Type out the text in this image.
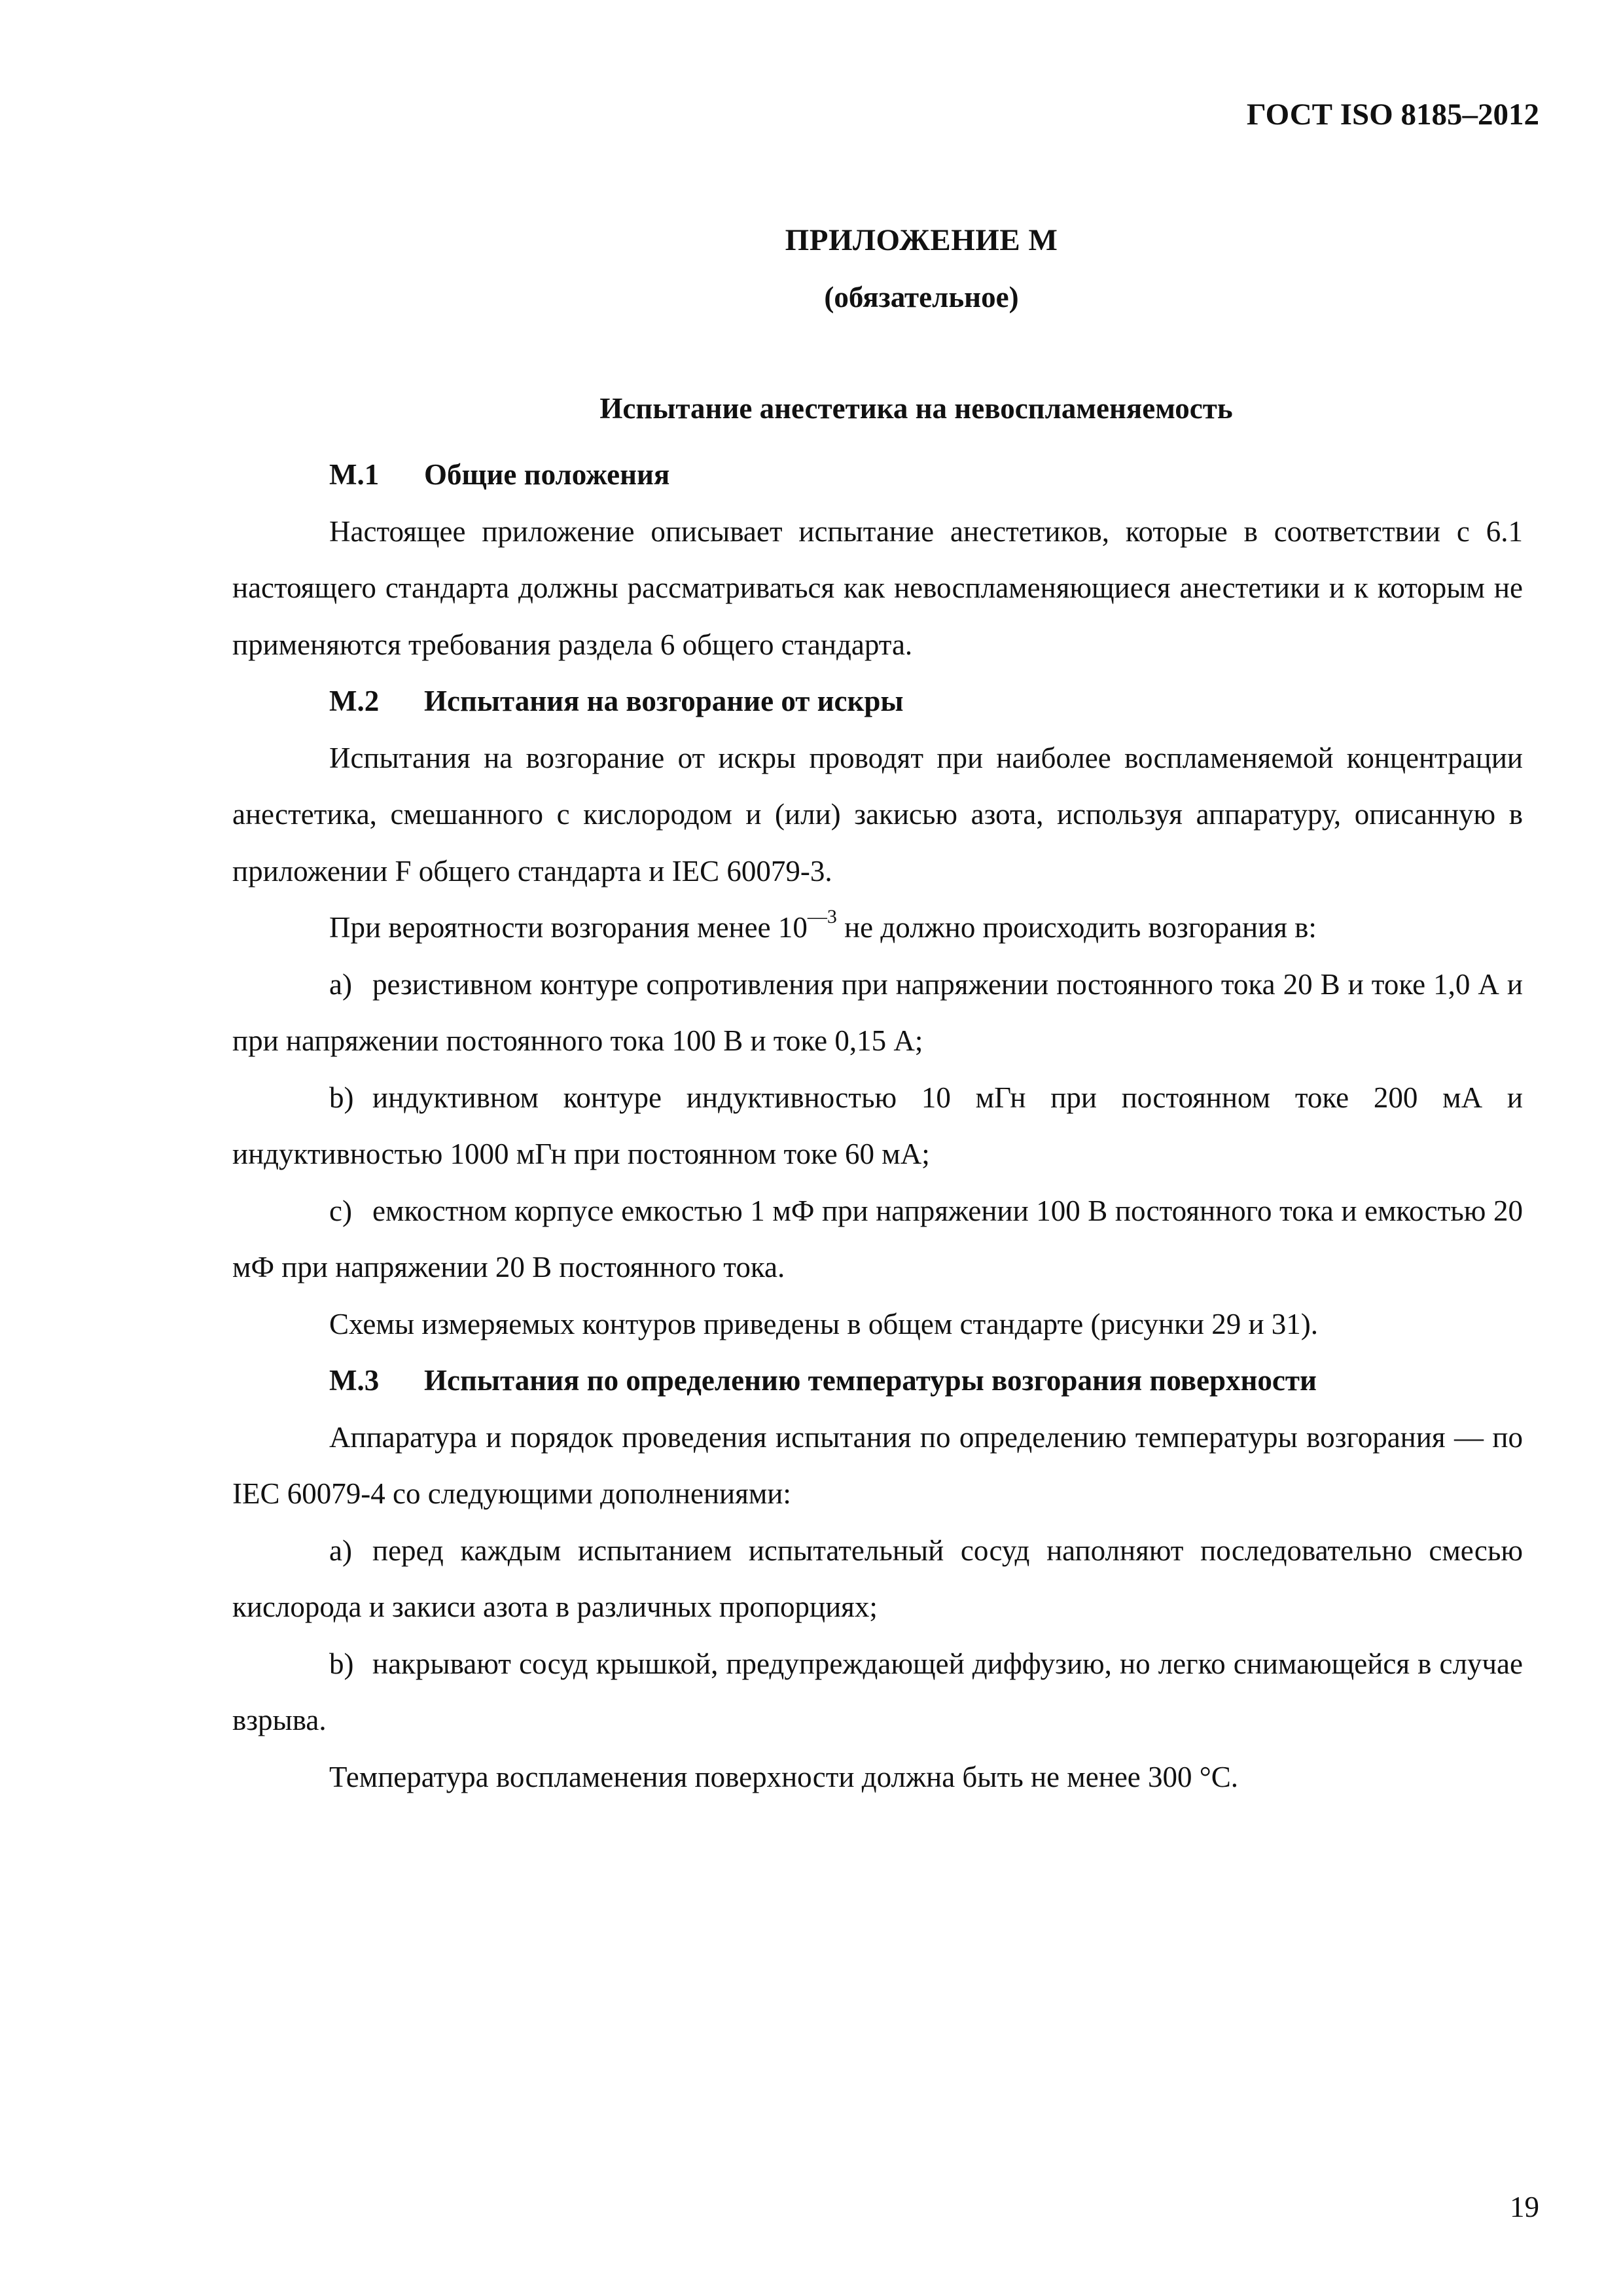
ГОСТ ISO 8185–2012
ПРИЛОЖЕНИЕ М
(обязательное)
Испытание анестетика на невоспламеняемость
М.1 Общие положения

Настоящее приложение описывает испытание анестетиков, которые в соответствии с 6.1 настоящего стандарта должны рассматриваться как невоспламеняющиеся анестетики и к которым не применяются требования раздела 6 общего стандарта.

М.2 Испытания на возгорание от искры

Испытания на возгорание от искры проводят при наиболее воспламеняемой концентрации анестетика, смешанного с кислородом и (или) закисью азота, используя аппаратуру, описанную в приложении F общего стандарта и IEC 60079-3.

При вероятности возгорания менее $10^{—3}$ не должно происходить возгорания в:

a) резистивном контуре сопротивления при напряжении постоянного тока 20 В и токе 1,0 А и при напряжении постоянного тока 100 В и токе 0,15 А;

b) индуктивном контуре индуктивностью 10 мГн при постоянном токе 200 мА и индуктивностью 1000 мГн при постоянном токе 60 мА;

c) емкостном корпусе емкостью 1 мФ при напряжении 100 В постоянного тока и емкостью 20 мФ при напряжении 20 В постоянного тока.

Схемы измеряемых контуров приведены в общем стандарте (рисунки 29 и 31).

М.3 Испытания по определению температуры возгорания поверхности

Аппаратура и порядок проведения испытания по определению температуры возгорания — по IEC 60079-4 со следующими дополнениями:

a) перед каждым испытанием испытательный сосуд наполняют последовательно смесью кислорода и закиси азота в различных пропорциях;

b) накрывают сосуд крышкой, предупреждающей диффузию, но легко снимающейся в случае взрыва.

Температура воспламенения поверхности должна быть не менее 300 °С.

19
